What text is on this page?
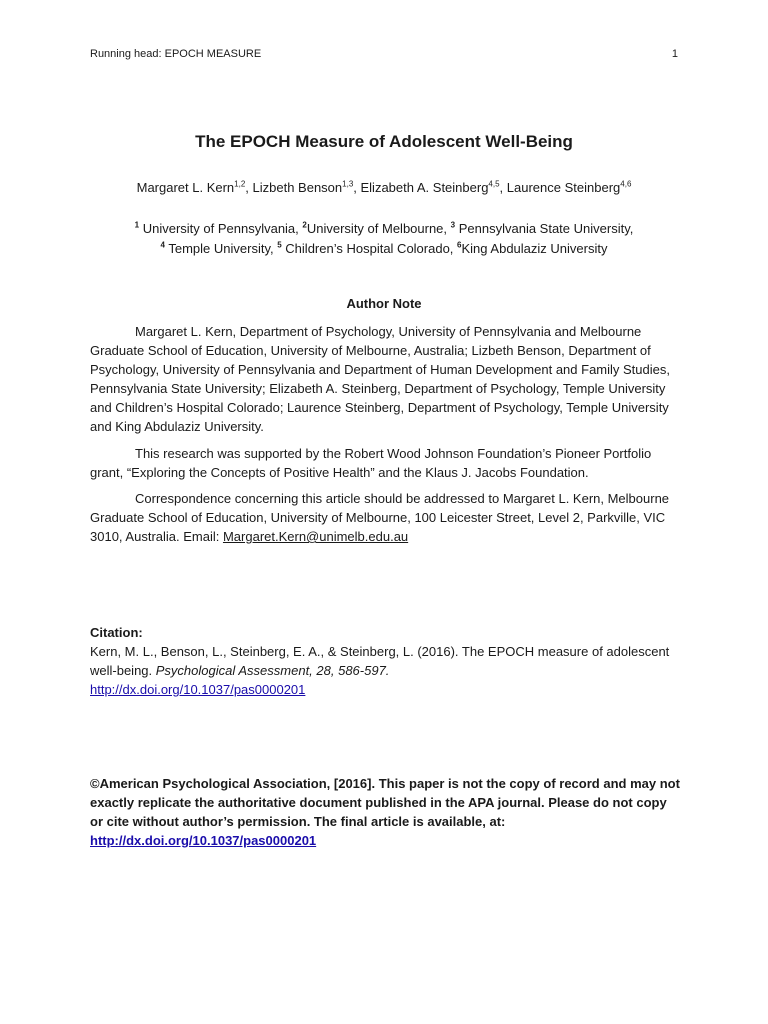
Running head: EPOCH MEASURE	1
The EPOCH Measure of Adolescent Well-Being
Margaret L. Kern$^{1,2}$, Lizbeth Benson$^{1,3}$, Elizabeth A. Steinberg$^{4,5}$, Laurence Steinberg$^{4,6}$
$^1$ University of Pennsylvania, $^2$University of Melbourne, $^3$ Pennsylvania State University,
$^4$ Temple University, $^5$ Children’s Hospital Colorado, $^6$King Abdulaziz University
Author Note

Margaret L. Kern, Department of Psychology, University of Pennsylvania and Melbourne Graduate School of Education, University of Melbourne, Australia; Lizbeth Benson, Department of Psychology, University of Pennsylvania and Department of Human Development and Family Studies, Pennsylvania State University; Elizabeth A. Steinberg, Department of Psychology, Temple University and Children’s Hospital Colorado; Laurence Steinberg, Department of Psychology, Temple University and King Abdulaziz University.

This research was supported by the Robert Wood Johnson Foundation’s Pioneer Portfolio grant, “Exploring the Concepts of Positive Health” and the Klaus J. Jacobs Foundation.

Correspondence concerning this article should be addressed to Margaret L. Kern, Melbourne Graduate School of Education, University of Melbourne, 100 Leicester Street, Level 2, Parkville, VIC 3010, Australia. Email: Margaret.Kern@unimelb.edu.au

Citation:
Kern, M. L., Benson, L., Steinberg, E. A., & Steinberg, L. (2016). The EPOCH measure of adolescent well-being. Psychological Assessment, 28, 586-597.
http://dx.doi.org/10.1037/pas0000201
©American Psychological Association, [2016]. This paper is not the copy of record and may not exactly replicate the authoritative document published in the APA journal. Please do not copy or cite without author’s permission. The final article is available, at:
http://dx.doi.org/10.1037/pas0000201
